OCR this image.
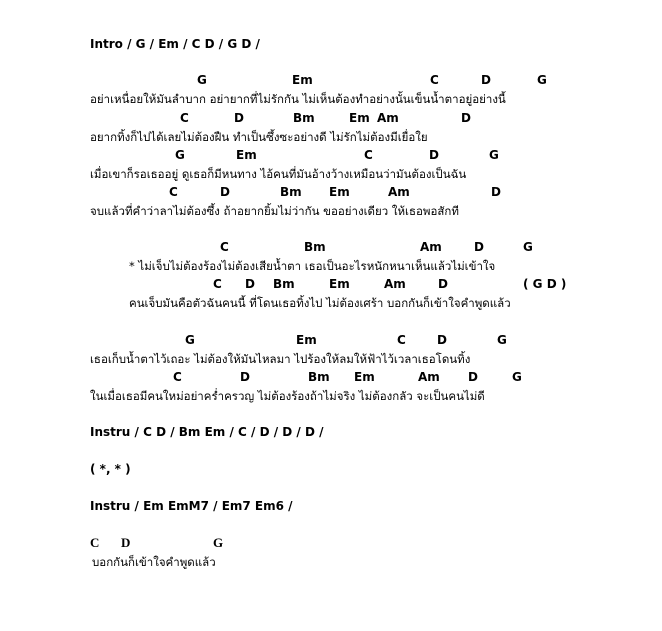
Intro / G / Em / C D / G D /
G	Em	C	D	G
อย่าเหนื่อยให้มันลำบาก อย่ายากที่ไม่รักกัน ไม่เห็นต้องทำอย่างนั้นเข็นน้ำตาอยู่อย่างนี้
C	D	Bm	Em Am	D
อยากทิ้งก็ไปได้เลยไม่ต้องฝืน ทำเป็นซึ้งซะอย่างดี ไม่รักไม่ต้องมีเยื่อใย
G	Em	C	D	G
เมื่อเขาก็รอเธออยู่ ดูเธอก็มีหนทาง ไอ้คนที่มันอ้างว้างเหมือนว่ามันต้องเป็นฉัน
C	D	Bm Em	Am	D
จบแล้วที่คำว่าลาไม่ต้องซึ้ง ถ้าอยากยิ้มไม่ว่ากัน ขออย่างเดียว ให้เธอพอสักที
C	Bm	Am	D	G
* ไม่เจ็บไม่ต้องร้องไม่ต้องเสียน้ำตา เธอเป็นอะไรหนักหนาเห็นแล้วไม่เข้าใจ
C D Bm	Em	Am	D	( G D )
คนเจ็บมันคือตัวฉันคนนี้ ที่โดนเธอทิ้งไป ไม่ต้องเศร้า บอกกันก็เข้าใจคำพูดแล้ว
G	Em	C	D	G
เธอเก็บน้ำตาไว้เถอะ ไม่ต้องให้มันไหลมา ไปร้องให้ลมให้ฟ้าไว้เวลาเธอโดนทิ้ง
C	D	Bm Em	Am D	G
ในเมื่อเธอมีคนใหม่อย่าคร่ำครวญ ไม่ต้องร้องถ้าไม่จริง ไม่ต้องกลัว จะเป็นคนไม่ดี
C D	G
บอกกันก็เข้าใจคำพูดแล้ว
Instru / C D / Bm Em / C / D / D / D /
( *, * )
Instru / Em EmM7 / Em7 Em6 /
